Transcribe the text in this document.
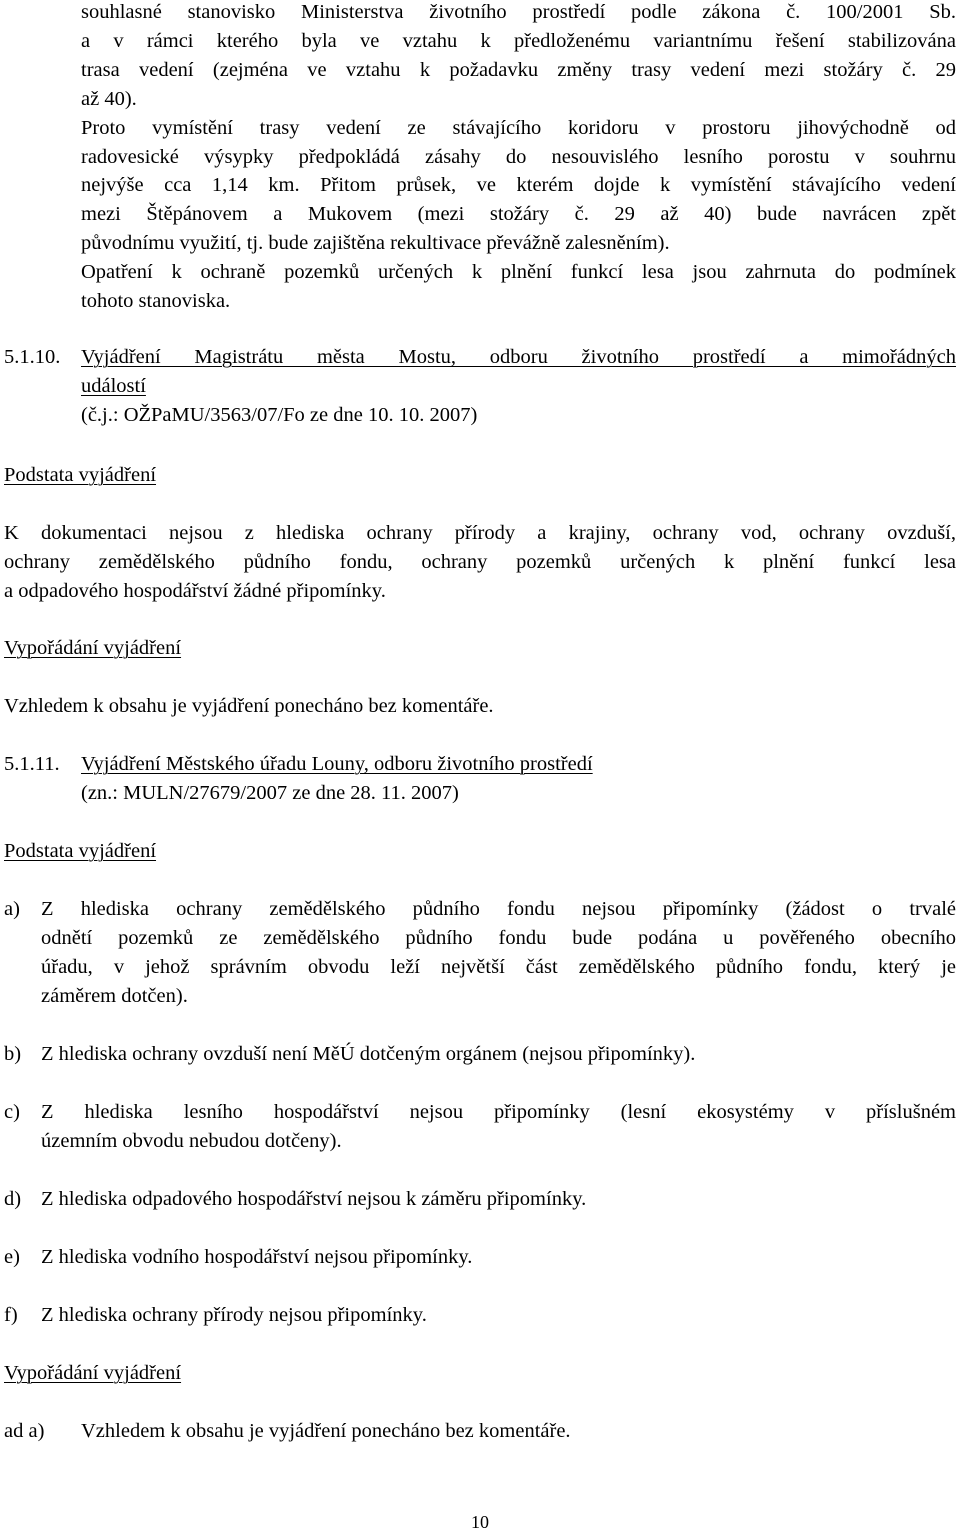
souhlasné stanovisko Ministerstva životního prostředí podle zákona č. 100/2001 Sb.
a v rámci kterého byla ve vztahu k předloženému variantnímu řešení stabilizována
trasa vedení (zejména ve vztahu k požadavku změny trasy vedení mezi stožáry č. 29
až 40).
Proto vymístění trasy vedení ze stávajícího koridoru v prostoru jihovýchodně od
radovesické výsypky předpokládá zásahy do nesouvislého lesního porostu v souhrnu
nejvýše cca 1,14 km. Přitom průsek, ve kterém dojde k vymístění stávajícího vedení
mezi Štěpánovem a Mukovem (mezi stožáry č. 29 až 40) bude navrácen zpět
původnímu využití, tj. bude zajištěna rekultivace převážně zalesněním).
Opatření k ochraně pozemků určených k plnění funkcí lesa jsou zahrnuta do podmínek
tohoto stanoviska.
5.1.10. Vyjádření Magistrátu města Mostu, odboru životního prostředí a mimořádných
událostí
(č.j.: OŽPaMU/3563/07/Fo ze dne 10. 10. 2007)
Podstata vyjádření
K dokumentaci nejsou z hlediska ochrany přírody a krajiny, ochrany vod, ochrany ovzduší,
ochrany zemědělského půdního fondu, ochrany pozemků určených k plnění funkcí lesa
a odpadového hospodářství žádné připomínky.
Vypořádání vyjádření
Vzhledem k obsahu je vyjádření ponecháno bez komentáře.
5.1.11. Vyjádření Městského úřadu Louny, odboru životního prostředí
(zn.: MULN/27679/2007 ze dne 28. 11. 2007)
Podstata vyjádření
a) Z hlediska ochrany zemědělského půdního fondu nejsou připomínky (žádost o trvalé
odnětí pozemků ze zemědělského půdního fondu bude podána u pověřeného obecního
úřadu, v jehož správním obvodu leží největší část zemědělského půdního fondu, který je
záměrem dotčen).
b) Z hlediska ochrany ovzduší není MěÚ dotčeným orgánem (nejsou připomínky).
c) Z hlediska lesního hospodářství nejsou připomínky (lesní ekosystémy v příslušném
územním obvodu nebudou dotčeny).
d) Z hlediska odpadového hospodářství nejsou k záměru připomínky.
e) Z hlediska vodního hospodářství nejsou připomínky.
f) Z hlediska ochrany přírody nejsou připomínky.
Vypořádání vyjádření
ad a) Vzhledem k obsahu je vyjádření ponecháno bez komentáře.
10
